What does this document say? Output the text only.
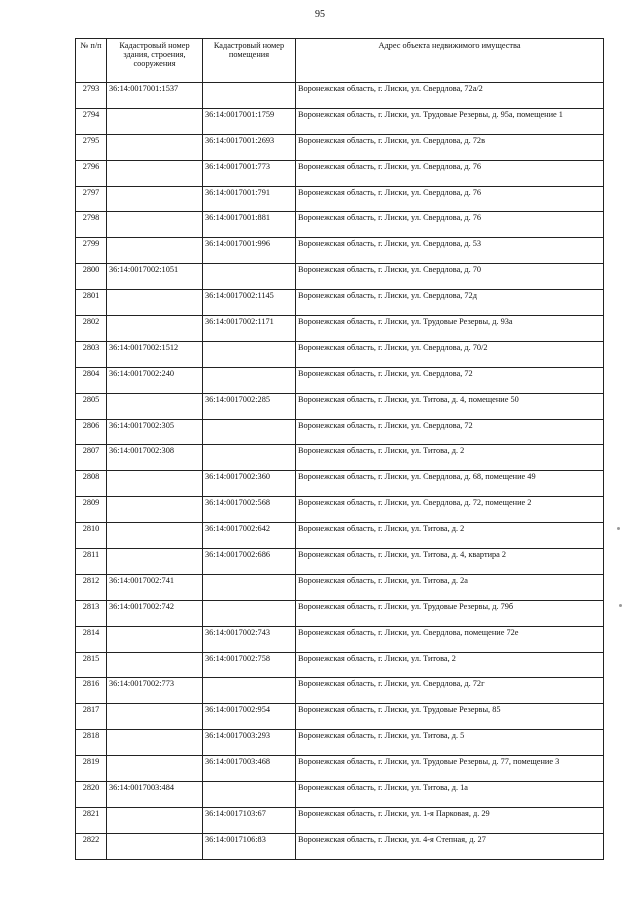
95
№ п/п	Кадастровый номер здания, строения, сооружения	Кадастровый номер помещения	Адрес объекта недвижимого имущества
2793	36:14:0017001:1537		Воронежская область, г. Лиски, ул. Свердлова, 72а/2
2794		36:14:0017001:1759	Воронежская область, г. Лиски, ул. Трудовые Резервы, д. 95а, помещение 1
2795		36:14:0017001:2693	Воронежская область, г. Лиски, ул. Свердлова, д. 72в
2796		36:14:0017001:773	Воронежская область, г. Лиски, ул. Свердлова, д. 76
2797		36:14:0017001:791	Воронежская область, г. Лиски, ул. Свердлова, д. 76
2798		36:14:0017001:881	Воронежская область, г. Лиски, ул. Свердлова, д. 76
2799		36:14:0017001:996	Воронежская область, г. Лиски, ул. Свердлова, д. 53
2800	36:14:0017002:1051		Воронежская область, г. Лиски, ул. Свердлова, д. 70
2801		36:14:0017002:1145	Воронежская область, г. Лиски, ул. Свердлова, 72д
2802		36:14:0017002:1171	Воронежская область, г. Лиски, ул. Трудовые Резервы, д. 93а
2803	36:14:0017002:1512		Воронежская область, г. Лиски, ул. Свердлова, д. 70/2
2804	36:14:0017002:240		Воронежская область, г. Лиски, ул. Свердлова, 72
2805		36:14:0017002:285	Воронежская область, г. Лиски, ул. Титова, д. 4, помещение 50
2806	36:14:0017002:305		Воронежская область, г. Лиски, ул. Свердлова, 72
2807	36:14:0017002:308		Воронежская область, г. Лиски, ул. Титова, д. 2
2808		36:14:0017002:360	Воронежская область, г. Лиски, ул. Свердлова, д. 68, помещение 49
2809		36:14:0017002:568	Воронежская область, г. Лиски, ул. Свердлова, д. 72, помещение 2
2810		36:14:0017002:642	Воронежская область, г. Лиски, ул. Титова, д. 2
2811		36:14:0017002:686	Воронежская область, г. Лиски, ул. Титова, д. 4, квартира 2
2812	36:14:0017002:741		Воронежская область, г. Лиски, ул. Титова, д. 2а
2813	36:14:0017002:742		Воронежская область, г. Лиски, ул. Трудовые Резервы, д. 79б
2814		36:14:0017002:743	Воронежская область, г. Лиски, ул. Свердлова, помещение 72е
2815		36:14:0017002:758	Воронежская область, г. Лиски, ул. Титова, 2
2816	36:14:0017002:773		Воронежская область, г. Лиски, ул. Свердлова, д. 72г
2817		36:14:0017002:954	Воронежская область, г. Лиски, ул. Трудовые Резервы, 85
2818		36:14:0017003:293	Воронежская область, г. Лиски, ул. Титова, д. 5
2819		36:14:0017003:468	Воронежская область, г. Лиски, ул. Трудовые Резервы, д. 77, помещение 3
2820	36:14:0017003:484		Воронежская область, г. Лиски, ул. Титова, д. 1а
2821		36:14:0017103:67	Воронежская область, г. Лиски, ул. 1-я Парковая, д. 29
2822		36:14:0017106:83	Воронежская область, г. Лиски, ул. 4-я Степная, д. 27
